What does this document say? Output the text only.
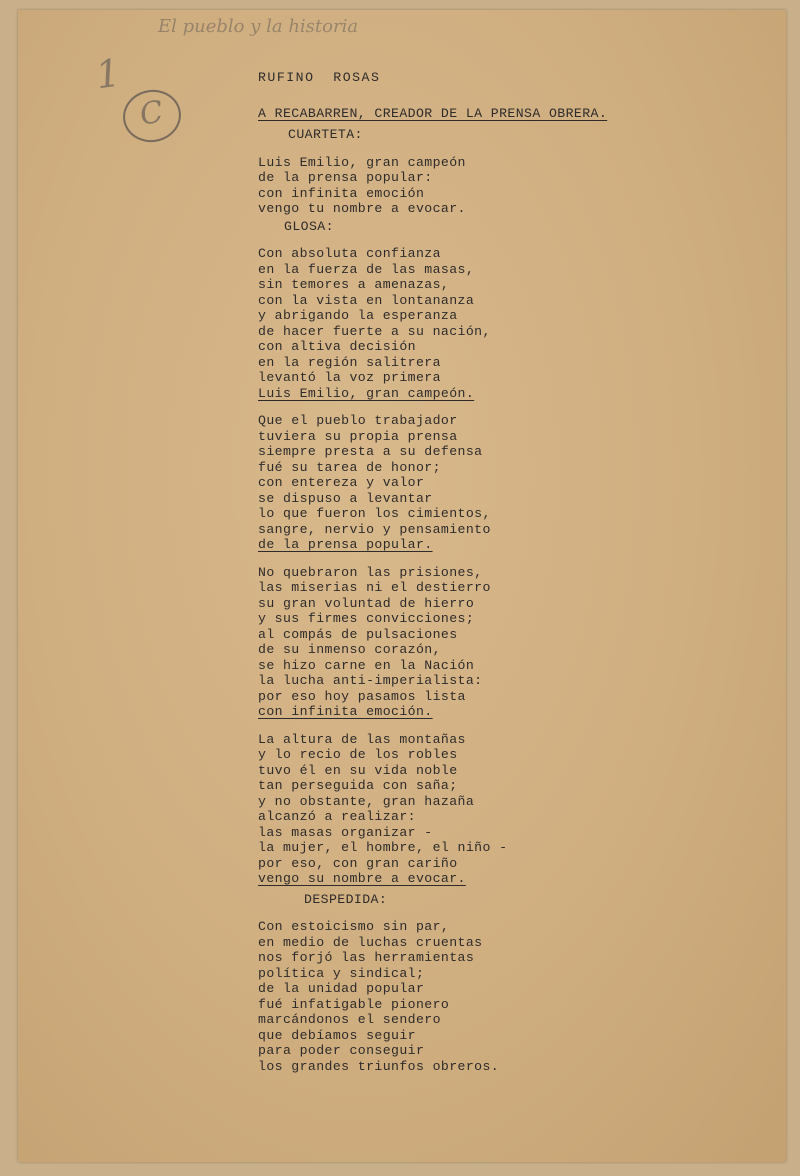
El pueblo y la historia
1
C
RUFINO  ROSAS
A RECABARREN, CREADOR DE LA PRENSA OBRERA.
CUARTETA:
Luis Emilio, gran campeón
de la prensa popular:
con infinita emoción
vengo tu nombre a evocar.
GLOSA:
Con absoluta confianza
en la fuerza de las masas,
sin temores a amenazas,
con la vista en lontananza
y abrigando la esperanza
de hacer fuerte a su nación,
con altiva decisión
en la región salitrera
levantó la voz primera
Luis Emilio, gran campeón.
Que el pueblo trabajador
tuviera su propia prensa
siempre presta a su defensa
fué su tarea de honor;
con entereza y valor
se dispuso a levantar
lo que fueron los cimientos,
sangre, nervio y pensamiento
de la prensa popular.
No quebraron las prisiones,
las miserias ni el destierro
su gran voluntad de hierro
y sus firmes convicciones;
al compás de pulsaciones
de su inmenso corazón,
se hizo carne en la Nación
la lucha anti-imperialista:
por eso hoy pasamos lista
con infinita emoción.
La altura de las montañas
y lo recio de los robles
tuvo él en su vida noble
tan perseguida con saña;
y no obstante, gran hazaña
alcanzó a realizar:
las masas organizar -
la mujer, el hombre, el niño -
por eso, con gran cariño
vengo su nombre a evocar.
DESPEDIDA:
Con estoicismo sin par,
en medio de luchas cruentas
nos forjó las herramientas
política y sindical;
de la unidad popular
fué infatigable pionero
marcándonos el sendero
que debíamos seguir
para poder conseguir
los grandes triunfos obreros.
